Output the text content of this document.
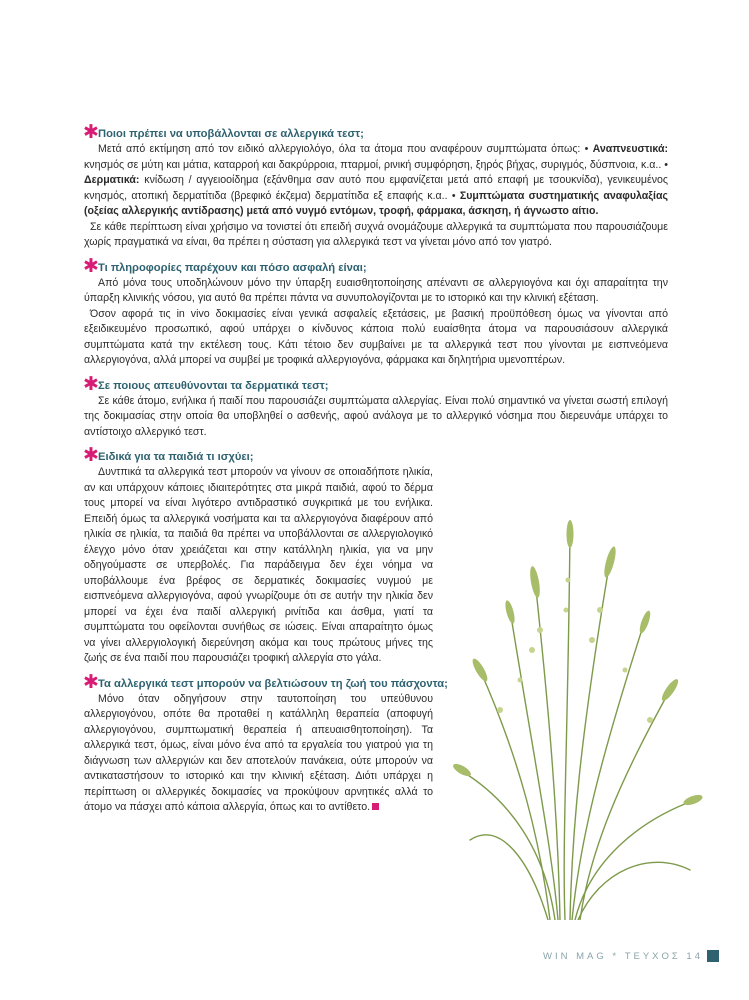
✱ Ποιοι πρέπει να υποβάλλονται σε αλλεργικά τεστ;

Μετά από εκτίμηση από τον ειδικό αλλεργιολόγο, όλα τα άτομα που αναφέρουν συμπτώματα όπως: • Αναπνευστικά: κνησμός σε μύτη και μάτια, καταρροή και δακρύρροια, πταρμοί, ρινική συμφόρηση, ξηρός βήχας, συριγμός, δύσπνοια, κ.α.. • Δερματικά: κνίδωση / αγγειοοίδημα (εξάνθημα σαν αυτό που εμφανίζεται μετά από επαφή με τσουκνίδα), γενικευμένος κνησμός, ατοπική δερματίτιδα (βρεφικό έκζεμα) δερματίτιδα εξ επαφής κ.α.. • Συμπτώματα συστηματικής αναφυλαξίας (οξείας αλλεργικής αντίδρασης) μετά από νυγμό εντόμων, τροφή, φάρμακα, άσκηση, ή άγνωστο αίτιο.

Σε κάθε περίπτωση είναι χρήσιμο να τονιστεί ότι επειδή συχνά ονομάζουμε αλλεργικά τα συμπτώματα που παρουσιάζουμε χωρίς πραγματικά να είναι, θα πρέπει η σύσταση για αλλεργικά τεστ να γίνεται μόνο από τον γιατρό.

✱ Τι πληροφορίες παρέχουν και πόσο ασφαλή είναι;

Από μόνα τους υποδηλώνουν μόνο την ύπαρξη ευαισθητοποίησης απέναντι σε αλλεργιογόνα και όχι απαραίτητα την ύπαρξη κλινικής νόσου, για αυτό θα πρέπει πάντα να συνυπολογίζονται με το ιστορικό και την κλινική εξέταση.

Όσον αφορά τις in vivo δοκιμασίες είναι γενικά ασφαλείς εξετάσεις, με βασική προϋπόθεση όμως να γίνονται από εξειδικευμένο προσωπικό, αφού υπάρχει ο κίνδυνος κάποια πολύ ευαίσθητα άτομα να παρουσιάσουν αλλεργικά συμπτώματα κατά την εκτέλεση τους. Κάτι τέτοιο δεν συμβαίνει με τα αλλεργικά τεστ που γίνονται με εισπνεόμενα αλλεργιογόνα, αλλά μπορεί να συμβεί με τροφικά αλλεργιογόνα, φάρμακα και δηλητήρια υμενοπτέρων.

✱ Σε ποιους απευθύνονται τα δερματικά τεστ;

Σε κάθε άτομο, ενήλικα ή παιδί που παρουσιάζει συμπτώματα αλλεργίας. Είναι πολύ σημαντικό να γίνεται σωστή επιλογή της δοκιμασίας στην οποία θα υποβληθεί ο ασθενής, αφού ανάλογα με το αλλεργικό νόσημα που διερευνάμε υπάρχει το αντίστοιχο αλλεργικό τεστ.

✱ Ειδικά για τα παιδιά τι ισχύει;

Δυντπικά τα αλλεργικά τεστ μπορούν να γίνουν σε οποιαδήποτε ηλικία, αν και υπάρχουν κάποιες ιδιαιτερότητες στα μικρά παιδιά, αφού το δέρμα τους μπορεί να είναι λιγότερο αντιδραστικό συγκριτικά με του ενήλικα. Επειδή όμως τα αλλεργικά νοσήματα και τα αλλεργιογόνα διαφέρουν από ηλικία σε ηλικία, τα παιδιά θα πρέπει να υποβάλλονται σε αλλεργιολογικό έλεγχο μόνο όταν χρειάζεται και στην κατάλληλη ηλικία, για να μην οδηγούμαστε σε υπερβολές. Για παράδειγμα δεν έχει νόημα να υποβάλλουμε ένα βρέφος σε δερματικές δοκιμασίες νυγμού με εισπνεόμενα αλλεργιογόνα, αφού γνωρίζουμε ότι σε αυτήν την ηλικία δεν μπορεί να έχει ένα παιδί αλλεργική ρινίτιδα και άσθμα, γιατί τα συμπτώματα του οφείλονται συνήθως σε ιώσεις. Είναι απαραίτητο όμως να γίνει αλλεργιολογική διερεύνηση ακόμα και τους πρώτους μήνες της ζωής σε ένα παιδί που παρουσιάζει τροφική αλλεργία στο γάλα.

✱ Τα αλλεργικά τεστ μπορούν να βελτιώσουν τη ζωή του πάσχοντα;

Μόνο όταν οδηγήσουν στην ταυτοποίηση του υπεύθυνου αλλεργιογόνου, οπότε θα προταθεί η κατάλληλη θεραπεία (αποφυγή αλλεργιογόνου, συμπτωματική θεραπεία ή απευαισθητοποίηση). Τα αλλεργικά τεστ, όμως, είναι μόνο ένα από τα εργαλεία του γιατρού για τη διάγνωση των αλλεργιών και δεν αποτελούν πανάκεια, ούτε μπορούν να αντικαταστήσουν το ιστορικό και την κλινική εξέταση. Διότι υπάρχει η περίπτωση οι αλλεργικές δοκιμασίες να προκύψουν αρνητικές αλλά το άτομο να πάσχει από κάποια αλλεργία, όπως και το αντίθετο.

WIN MAG * ΤΕΥΧΟΣ 14
